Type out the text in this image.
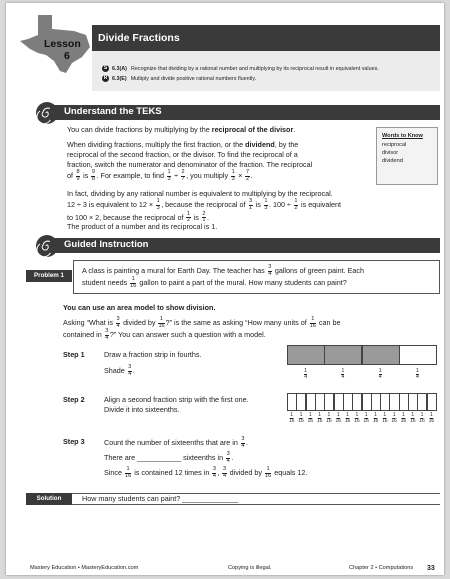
Lesson
6
Divide Fractions
S 6.3(A) Recognize that dividing by a rational number and multiplying by its reciprocal result in equivalent values.
R 6.3(E) Multiply and divide positive rational numbers fluently.
Understand the TEKS
You can divide fractions by multiplying by the reciprocal of the divisor.
When dividing fractions, multiply the first fraction, or the dividend, by the
reciprocal of the second fraction, or the divisor. To find the reciprocal of a
fraction, switch the numerator and denominator of the fraction. The reciprocal
of $\frac{8}{9}$ is $\frac{9}{8}$ . For example, to find $\frac{1}{3} \div \frac{2}{7}$ , you multiply $\frac{1}{3} \times \frac{7}{2}$ .
Words to Know
reciprocal
divisor
dividend
In fact, dividing by any rational number is equivalent to multiplying by the reciprocal.
12 ÷ 3 is equivalent to $12 \times \frac{1}{3}$ , because the reciprocal of $\frac{3}{1}$ is $\frac{1}{3}$ . $100 \div \frac{1}{2}$ is equivalent
to 100 × 2, because the reciprocal of $\frac{1}{2}$ is $\frac{2}{1}$ .
The product of a number and its reciprocal is 1.
Guided Instruction
Problem 1
A class is painting a mural for Earth Day. The teacher has $\frac{3}{4}$ gallons of green paint. Each
student needs $\frac{1}{16}$ gallon to paint a part of the mural. How many students can paint?
You can use an area model to show division.
Asking “What is $\frac{3}{4}$ divided by $\frac{1}{16}$ ?” is the same as asking “How many units of $\frac{1}{16}$ can be
contained in $\frac{3}{4}$ ?” You can answer such a question with a model.
Step 1	Draw a fraction strip in fourths.
Shade $\frac{3}{4}$ .	1
4
1
4
1
4
1
4
Step 2	Align a second fraction strip with the first one.
Divide it into sixteenths.
1
16
1
16
1
16
1
16
1
16
1
16
1
16
1
16
1
16
1
16
1
16
1
16
1
16
1
16
1
16
1
16
Step 3	Count the number of sixteenths that are in $\frac{3}{4}$ .
There are ___________ sixteenths in $\frac{3}{4}$ .
Since $\frac{1}{16}$ is contained 12 times in $\frac{3}{4}$ , $\frac{3}{4}$ divided by $\frac{1}{16}$ equals 12.
Solution	How many students can paint? ______________
Mastery Education • MasteryEducation.com	Copying is illegal.	Chapter 2 • Computations 33
